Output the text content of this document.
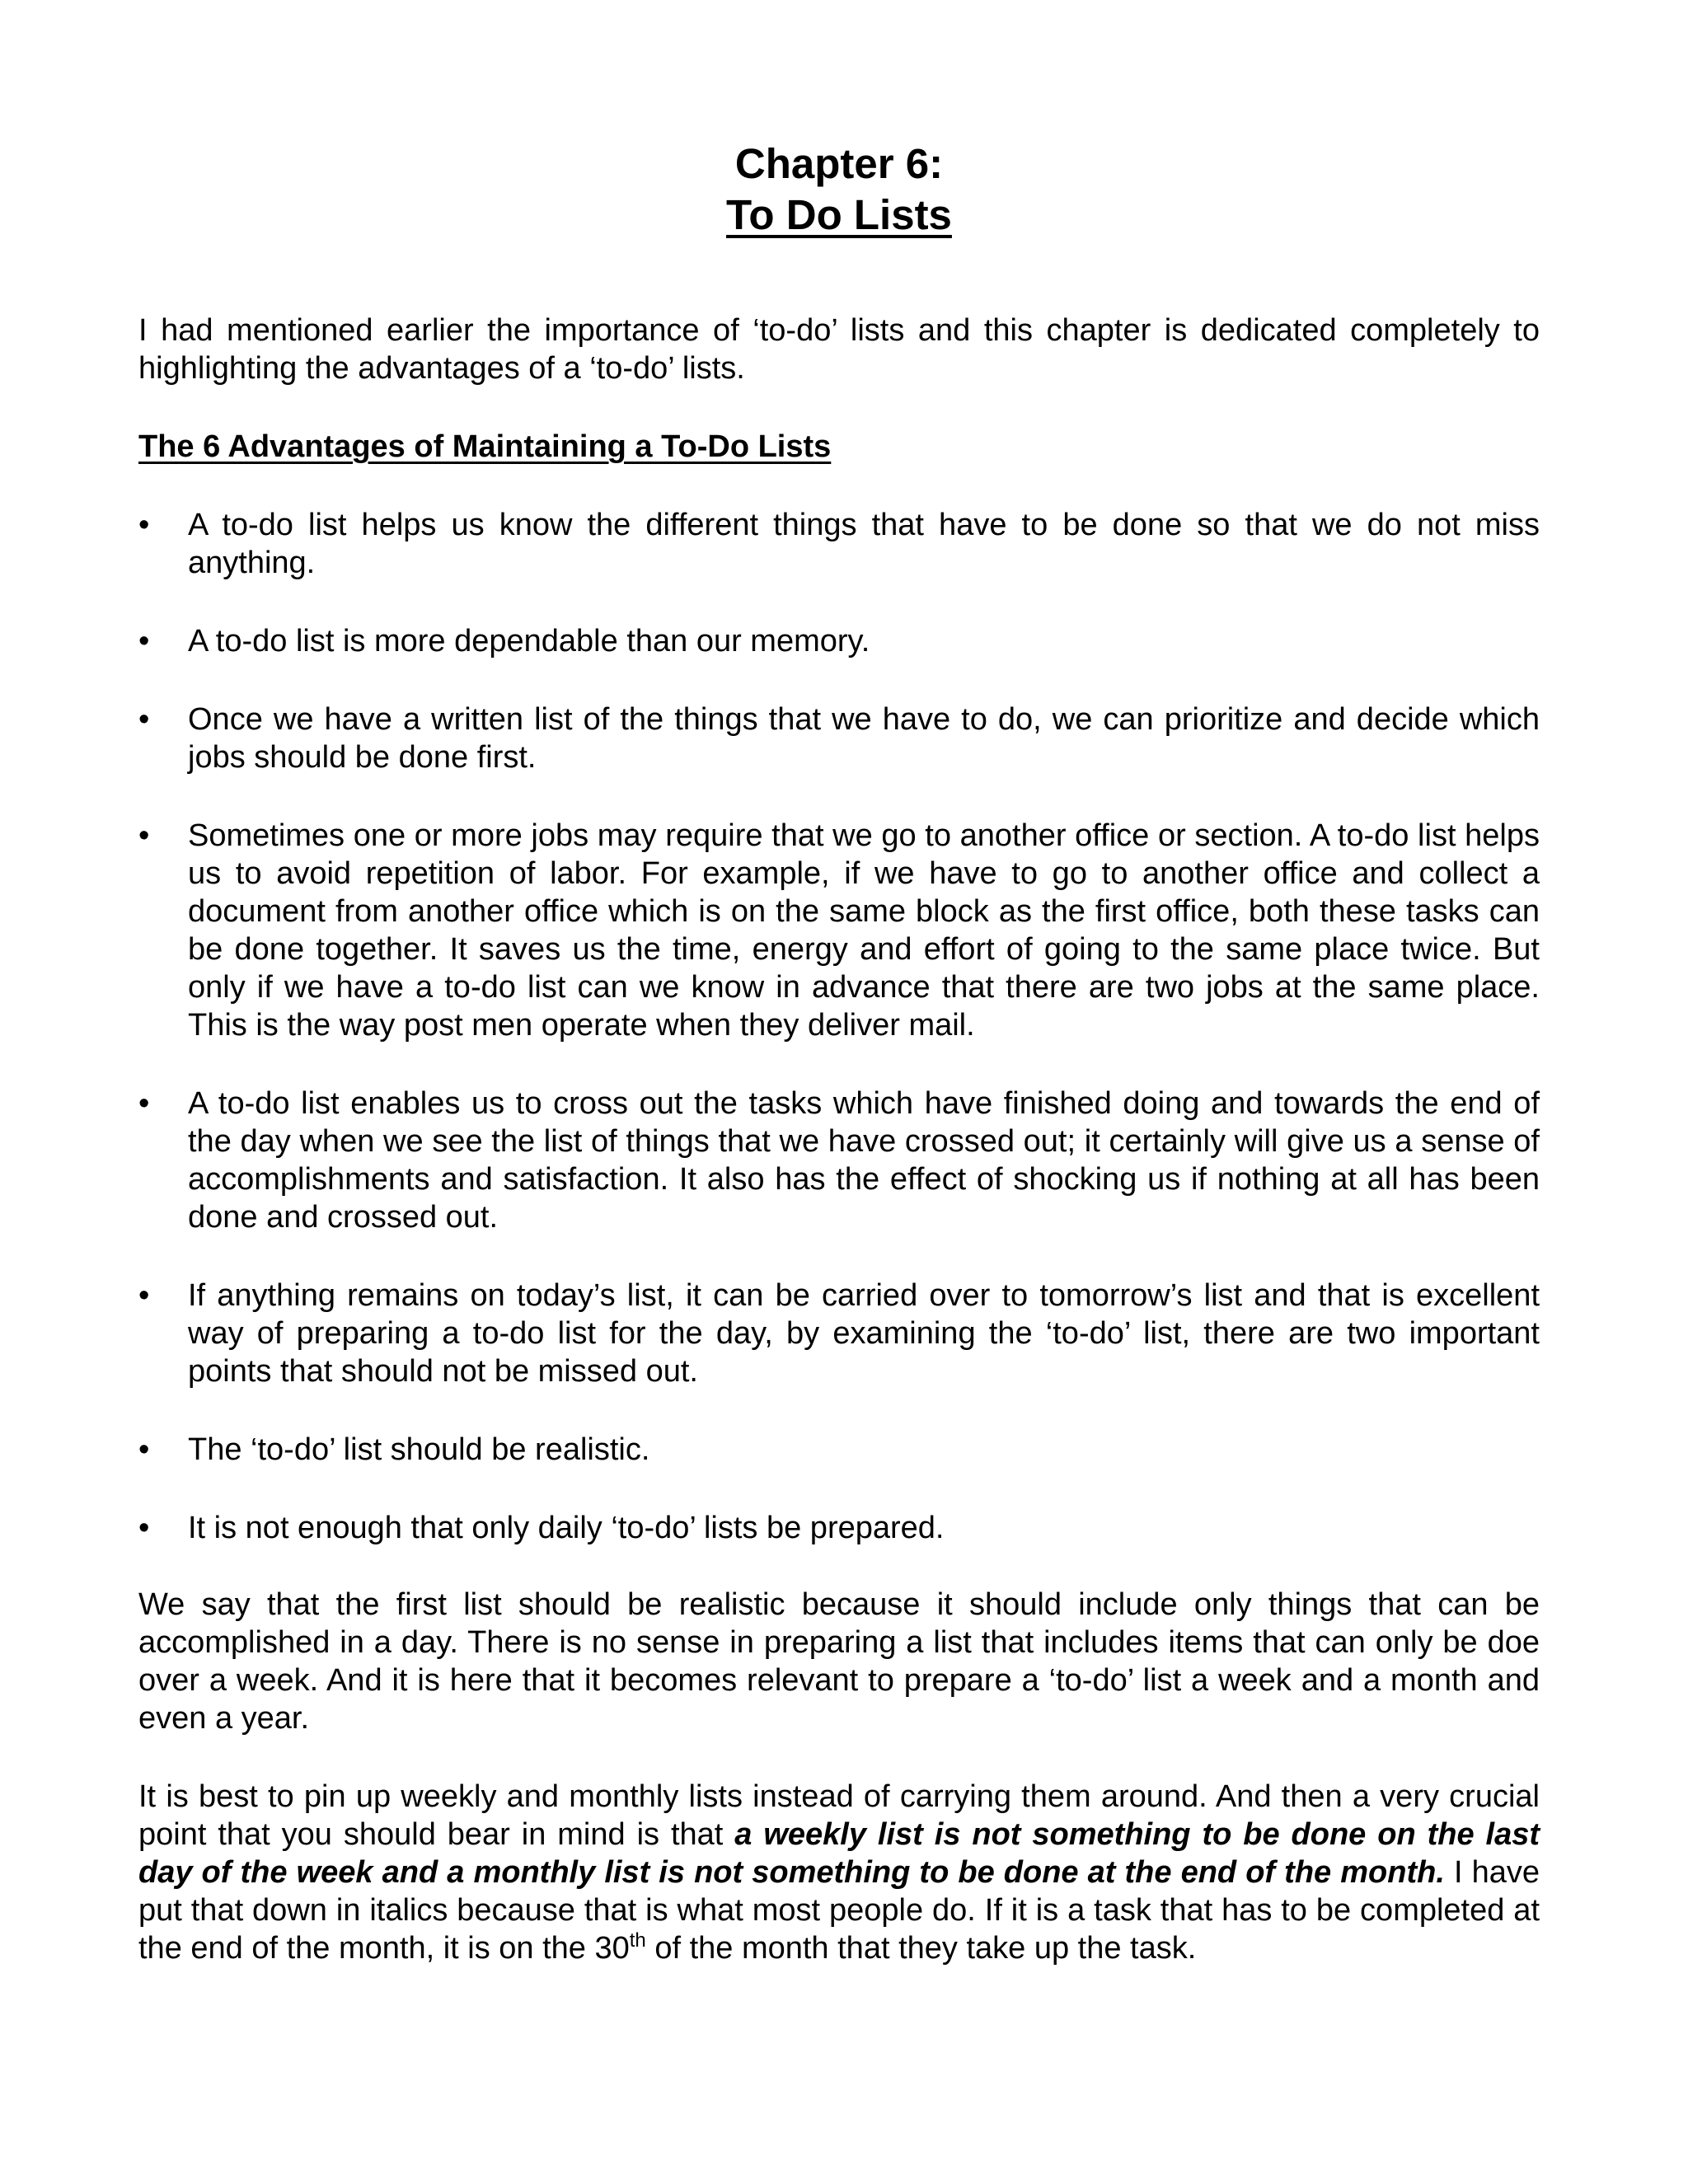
Chapter 6:
To Do Lists

I had mentioned earlier the importance of ‘to-do’ lists and this chapter is dedicated completely to highlighting the advantages of a ‘to-do’ lists.

The 6 Advantages of Maintaining a To-Do Lists
• A to-do list helps us know the different things that have to be done so that we do not miss anything.
• A to-do list is more dependable than our memory.
• Once we have a written list of the things that we have to do, we can prioritize and decide which jobs should be done first.
• Sometimes one or more jobs may require that we go to another office or section. A to-do list helps us to avoid repetition of labor. For example, if we have to go to another office and collect a document from another office which is on the same block as the first office, both these tasks can be done together. It saves us the time, energy and effort of going to the same place twice. But only if we have a to-do list can we know in advance that there are two jobs at the same place. This is the way post men operate when they deliver mail.
• A to-do list enables us to cross out the tasks which have finished doing and towards the end of the day when we see the list of things that we have crossed out; it certainly will give us a sense of accomplishments and satisfaction. It also has the effect of shocking us if nothing at all has been done and crossed out.
• If anything remains on today’s list, it can be carried over to tomorrow’s list and that is excellent way of preparing a to-do list for the day, by examining the ‘to-do’ list, there are two important points that should not be missed out.
• The ‘to-do’ list should be realistic.
• It is not enough that only daily ‘to-do’ lists be prepared.

We say that the first list should be realistic because it should include only things that can be accomplished in a day. There is no sense in preparing a list that includes items that can only be doe over a week. And it is here that it becomes relevant to prepare a ‘to-do’ list a week and a month and even a year.

It is best to pin up weekly and monthly lists instead of carrying them around. And then a very crucial point that you should bear in mind is that a weekly list is not something to be done on the last day of the week and a monthly list is not something to be done at the end of the month. I have put that down in italics because that is what most people do. If it is a task that has to be completed at the end of the month, it is on the 30th of the month that they take up the task.
